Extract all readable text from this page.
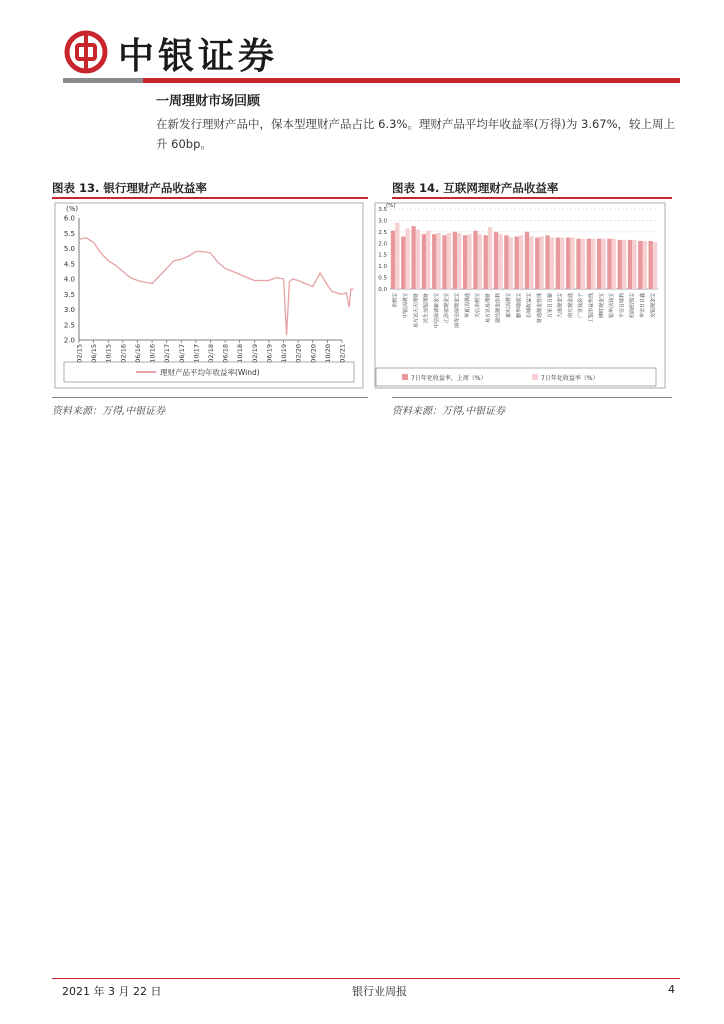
中银证券
一周理财市场回顾
在新发行理财产品中，保本型理财产品占比 6.3%。理财产品平均年收益率(万得)为 3.67%，较上周上升 60bp。
图表 13. 银行理财产品收益率
(%)
2.0
2.5
3.0
3.5
4.0
4.5
5.0
5.5
6.0
02/15 06/15 10/15 02/16 06/16 10/16 02/17 06/17 10/17 02/18 06/18 10/18 02/19 06/19 10/19 02/20 06/20 10/20 02/21
理财产品平均年收益率(Wind)
资料来源：万得,中银证券
图表 14. 互联网理财产品收益率
(%)
0.0
0.5
1.0
1.5
2.0
2.5
3.0
3.5
余额宝 中银活期宝 易方达天天理财 民生加银理财 中信保诚薪金宝 汇添富现金宝 国寿安保增金宝 华夏活期通 天弘余额宝 易方达易理财 建信现金添利 嘉实活期宝 鹏华增值宝 长城收益宝 财通现金管理 万家日日薪 大成现金宝 南方现金通 广发钱袋子 工银添益快线 博时现金宝 银华活钱宝 平安日增利 招商招钱宝 华安日日鑫 交银现金宝
7日年化收益率，上周（%）	7日年化收益率（%）
资料来源：万得,中银证券
2021 年 3 月 22 日	银行业周报	4
